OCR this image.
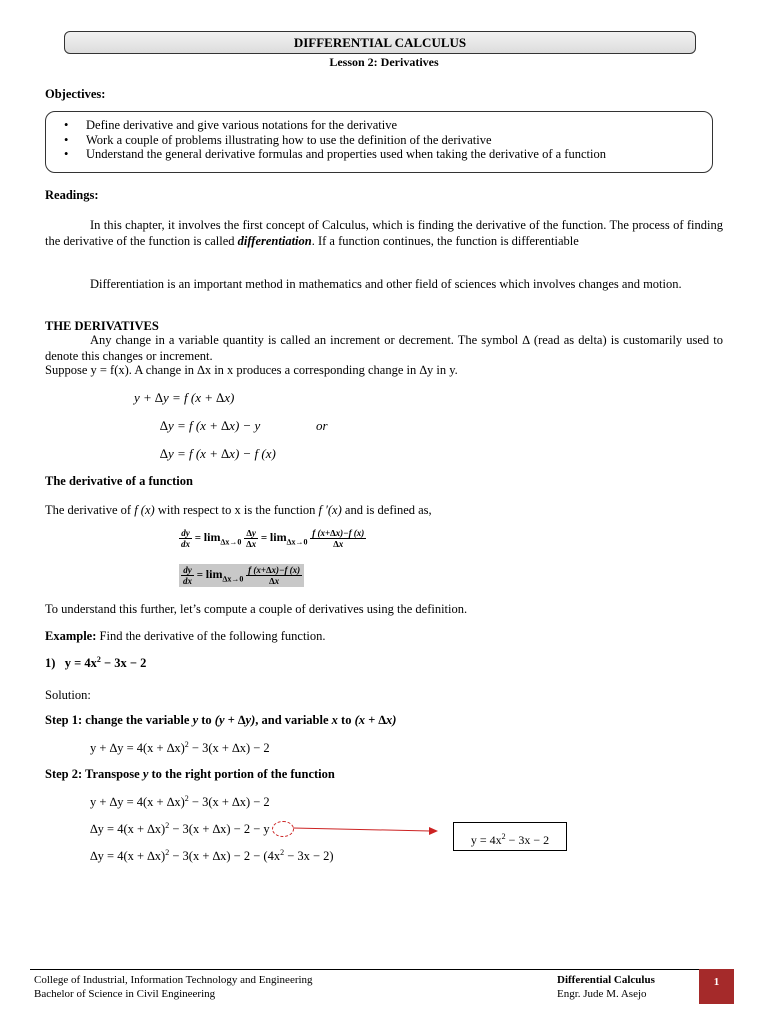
DIFFERENTIAL CALCULUS
Lesson 2: Derivatives
Objectives:
• Define derivative and give various notations for the derivative
• Work a couple of problems illustrating how to use the definition of the derivative
• Understand the general derivative formulas and properties used when taking the derivative of a function
Readings:
In this chapter, it involves the first concept of Calculus, which is finding the derivative of the function. The process of finding the derivative of the function is called differentiation. If a function continues, the function is differentiable
Differentiation is an important method in mathematics and other field of sciences which involves changes and motion.
THE DERIVATIVES
Any change in a variable quantity is called an increment or decrement. The symbol ∆ (read as delta) is customarily used to denote this changes or increment.
Suppose y = f(x). A change in ∆x in x produces a corresponding change in ∆y in y.
y + ∆y = f (x + ∆x)
∆y = f (x + ∆x) − y	or
∆y = f (x + ∆x) − f (x)
The derivative of a function
The derivative of f (x) with respect to x is the function f ′(x) and is defined as,
$\frac{dy}{dx} = \lim_{\Delta x\to 0} \frac{\Delta y}{\Delta x} = \lim_{\Delta x\to 0} \frac{f (x+\Delta x)-f (x)}{\Delta x}$
$\frac{dy}{dx} = \lim_{\Delta x\to 0} \frac{f (x+\Delta x)-f (x)}{\Delta x}$
To understand this further, let’s compute a couple of derivatives using the definition.
Example: Find the derivative of the following function.
1)   $y = 4x^2 - 3x - 2$
Solution:
Step 1: change the variable y to (y + ∆y), and variable x to (x + ∆x)
$y + \Delta y = 4(x + \Delta x)^2 - 3(x + \Delta x) - 2$
Step 2: Transpose y to the right portion of the function
$y + \Delta y = 4(x + \Delta x)^2 - 3(x + \Delta x) - 2$
$\Delta y = 4(x + \Delta x)^2 - 3(x + \Delta x) - 2 - y$
$\Delta y = 4(x + \Delta x)^2 - 3(x + \Delta x) - 2 - (4x^2 - 3x - 2)$
$y = 4x^2 - 3x - 2$
College of Industrial, Information Technology and Engineering
Bachelor of Science in Civil Engineering
Differential Calculus
Engr. Jude M. Asejo
1
